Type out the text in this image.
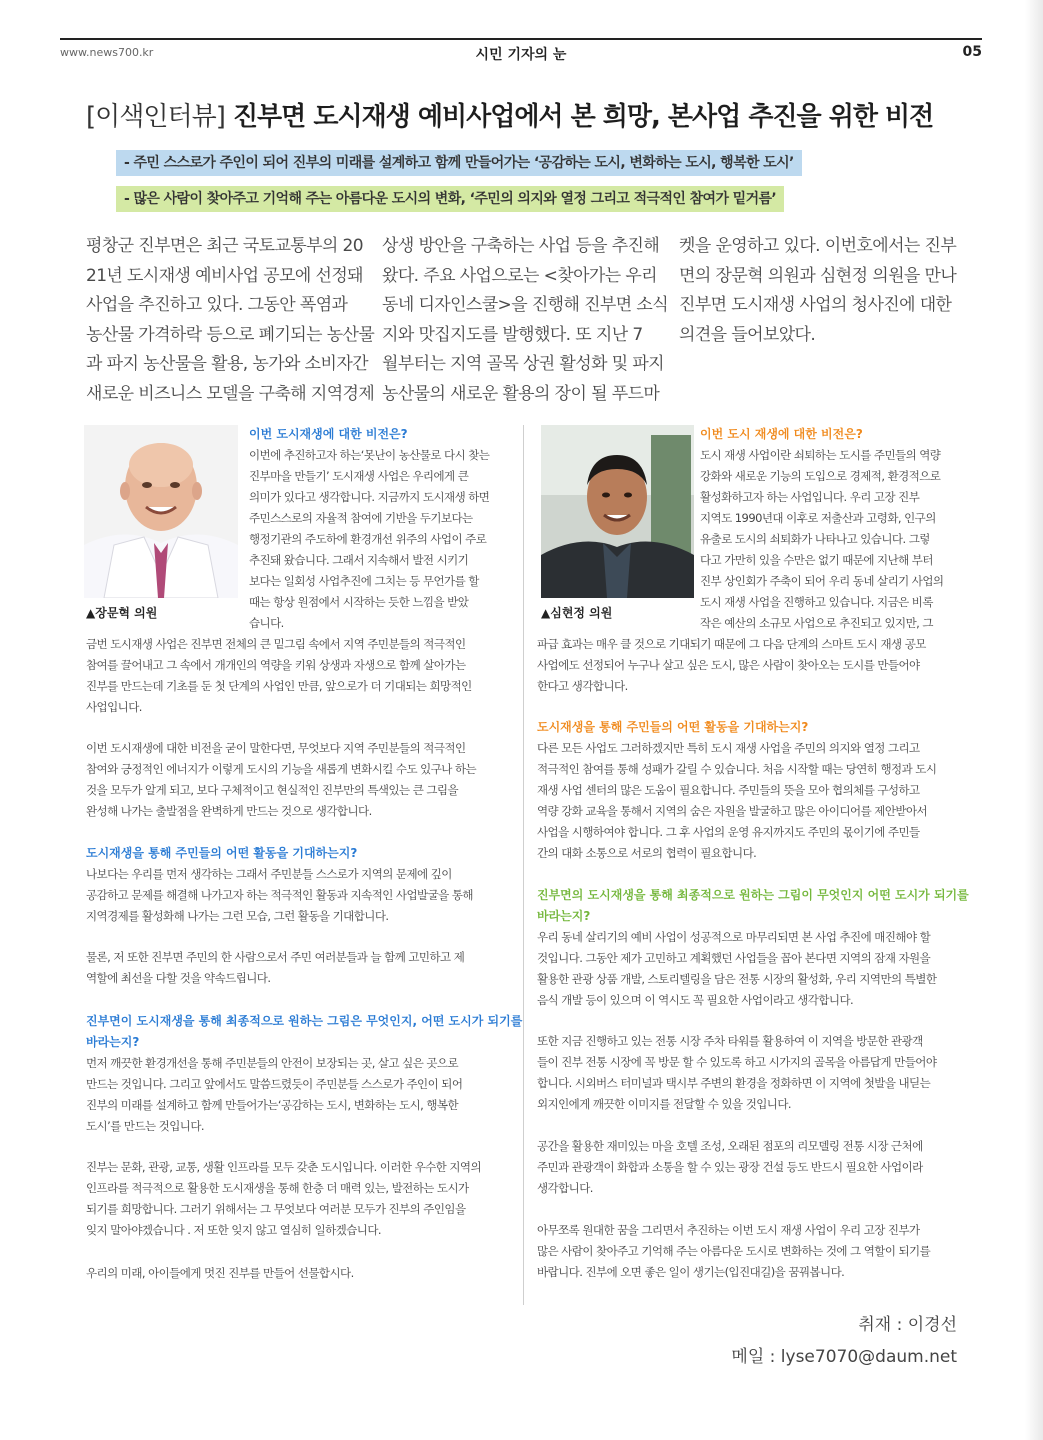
www.news700.kr	시민 기자의 눈	05
[이색인터뷰] 진부면 도시재생 예비사업에서 본 희망, 본사업 추진을 위한 비전
- 주민 스스로가 주인이 되어 진부의 미래를 설계하고 함께 만들어가는 ‘공감하는 도시, 변화하는 도시, 행복한 도시’
- 많은 사람이 찾아주고 기억해 주는 아름다운 도시의 변화, ‘주민의 의지와 열정 그리고 적극적인 참여가 밑거름’
평창군 진부면은 최근 국토교통부의 20
21년 도시재생 예비사업 공모에 선정돼
사업을 추진하고 있다. 그동안 폭염과
농산물 가격하락 등으로 폐기되는 농산물
과 파지 농산물을 활용, 농가와 소비자간
새로운 비즈니스 모델을 구축해 지역경제
상생 방안을 구축하는 사업 등을 추진해
왔다. 주요 사업으로는 <찾아가는 우리
동네 디자인스쿨>을 진행해 진부면 소식
지와 맛집지도를 발행했다. 또 지난 7
월부터는 지역 골목 상권 활성화 및 파지
농산물의 새로운 활용의 장이 될 푸드마
켓을 운영하고 있다. 이번호에서는 진부
면의 장문혁 의원과 심현정 의원을 만나
진부면 도시재생 사업의 청사진에 대한
의견을 들어보았다.
▲장문혁 의원
이번 도시재생에 대한 비전은?
이번에 추진하고자 하는‘못난이 농산물로 다시 찾는
진부마을 만들기’ 도시재생 사업은 우리에게 큰
의미가 있다고 생각합니다. 지금까지 도시재생 하면
주민스스로의 자율적 참여에 기반을 두기보다는
행정기관의 주도하에 환경개선 위주의 사업이 주로
추진돼 왔습니다. 그래서 지속해서 발전 시키기
보다는 일회성 사업추진에 그치는 등 무언가를 할
때는 항상 원점에서 시작하는 듯한 느낌을 받았
습니다.
금번 도시재생 사업은 진부면 전체의 큰 밑그림 속에서 지역 주민분들의 적극적인
참여를 끌어내고 그 속에서 개개인의 역량을 키워 상생과 자생으로 함께 살아가는
진부를 만드는데 기초를 둔 첫 단계의 사업인 만큼, 앞으로가 더 기대되는 희망적인
사업입니다.
이번 도시재생에 대한 비전을 굳이 말한다면, 무엇보다 지역 주민분들의 적극적인
참여와 긍정적인 에너지가 이렇게 도시의 기능을 새롭게 변화시킬 수도 있구나 하는
것을 모두가 알게 되고, 보다 구체적이고 현실적인 진부만의 특색있는 큰 그림을
완성해 나가는 출발점을 완벽하게 만드는 것으로 생각합니다.
도시재생을 통해 주민들의 어떤 활동을 기대하는지?
나보다는 우리를 먼저 생각하는 그래서 주민분들 스스로가 지역의 문제에 깊이
공감하고 문제를 해결해 나가고자 하는 적극적인 활동과 지속적인 사업발굴을 통해
지역경제를 활성화해 나가는 그런 모습, 그런 활동을 기대합니다.
물론, 저 또한 진부면 주민의 한 사람으로서 주민 여러분들과 늘 함께 고민하고 제
역할에 최선을 다할 것을 약속드립니다.
진부면이 도시재생을 통해 최종적으로 원하는 그림은 무엇인지, 어떤 도시가 되기를
바라는지?
먼저 깨끗한 환경개선을 통해 주민분들의 안전이 보장되는 곳, 살고 싶은 곳으로
만드는 것입니다. 그리고 앞에서도 말씀드렸듯이 주민분들 스스로가 주인이 되어
진부의 미래를 설계하고 함께 만들어가는‘공감하는 도시, 변화하는 도시, 행복한
도시’를 만드는 것입니다.
진부는 문화, 관광, 교통, 생활 인프라를 모두 갖춘 도시입니다. 이러한 우수한 지역의
인프라를 적극적으로 활용한 도시재생을 통해 한층 더 매력 있는, 발전하는 도시가
되기를 희망합니다. 그러기 위해서는 그 무엇보다 여러분 모두가 진부의 주인임을
잊지 말아야겠습니다 . 저 또한 잊지 않고 열심히 일하겠습니다.
우리의 미래, 아이들에게 멋진 진부를 만들어 선물합시다.
▲심현정 의원
이번 도시 재생에 대한 비전은?
도시 재생 사업이란 쇠퇴하는 도시를 주민들의 역량
강화와 새로운 기능의 도입으로 경제적, 환경적으로
활성화하고자 하는 사업입니다. 우리 고장 진부
지역도 1990년대 이후로 저출산과 고령화, 인구의
유출로 도시의 쇠퇴화가 나타나고 있습니다. 그렇
다고 가만히 있을 수만은 없기 때문에 지난해 부터
진부 상인회가 주축이 되어 우리 동네 살리기 사업의
도시 재생 사업을 진행하고 있습니다. 지금은 비록
작은 예산의 소규모 사업으로 추진되고 있지만, 그
파급 효과는 매우 클 것으로 기대되기 때문에 그 다음 단계의 스마트 도시 재생 공모
사업에도 선정되어 누구나 살고 싶은 도시, 많은 사람이 찾아오는 도시를 만들어야
한다고 생각합니다.
도시재생을 통해 주민들의 어떤 활동을 기대하는지?
다른 모든 사업도 그러하겠지만 특히 도시 재생 사업을 주민의 의지와 열정 그리고
적극적인 참여를 통해 성패가 갈릴 수 있습니다. 처음 시작할 때는 당연히 행정과 도시
재생 사업 센터의 많은 도움이 필요합니다. 주민들의 뜻을 모아 협의체를 구성하고
역량 강화 교육을 통해서 지역의 숨은 자원을 발굴하고 많은 아이디어를 제안받아서
사업을 시행하여야 합니다. 그 후 사업의 운영 유지까지도 주민의 몫이기에 주민들
간의 대화 소통으로 서로의 협력이 필요합니다.
진부면의 도시재생을 통해 최종적으로 원하는 그림이 무엇인지 어떤 도시가 되기를
바라는지?
우리 동네 살리기의 예비 사업이 성공적으로 마무리되면 본 사업 추진에 매진해야 할
것입니다. 그동안 제가 고민하고 계획했던 사업들을 꼽아 본다면 지역의 잠재 자원을
활용한 관광 상품 개발, 스토리텔링을 담은 전통 시장의 활성화, 우리 지역만의 특별한
음식 개발 등이 있으며 이 역시도 꼭 필요한 사업이라고 생각합니다.
또한 지금 진행하고 있는 전통 시장 주차 타워를 활용하여 이 지역을 방문한 관광객
들이 진부 전통 시장에 꼭 방문 할 수 있도록 하고 시가지의 골목을 아름답게 만들어야
합니다. 시외버스 터미널과 택시부 주변의 환경을 정화하면 이 지역에 첫발을 내딛는
외지인에게 깨끗한 이미지를 전달할 수 있을 것입니다.
공간을 활용한 재미있는 마을 호텔 조성, 오래된 점포의 리모델링 전통 시장 근처에
주민과 관광객이 화합과 소통을 할 수 있는 광장 건설 등도 반드시 필요한 사업이라
생각합니다.
아무쪼록 원대한 꿈을 그리면서 추진하는 이번 도시 재생 사업이 우리 고장 진부가
많은 사람이 찾아주고 기억해 주는 아름다운 도시로 변화하는 것에 그 역할이 되기를
바랍니다. 진부에 오면 좋은 일이 생기는(입진대길)을 꿈꿔봅니다.
취재 : 이경선
메일 : lyse7070@daum.net
